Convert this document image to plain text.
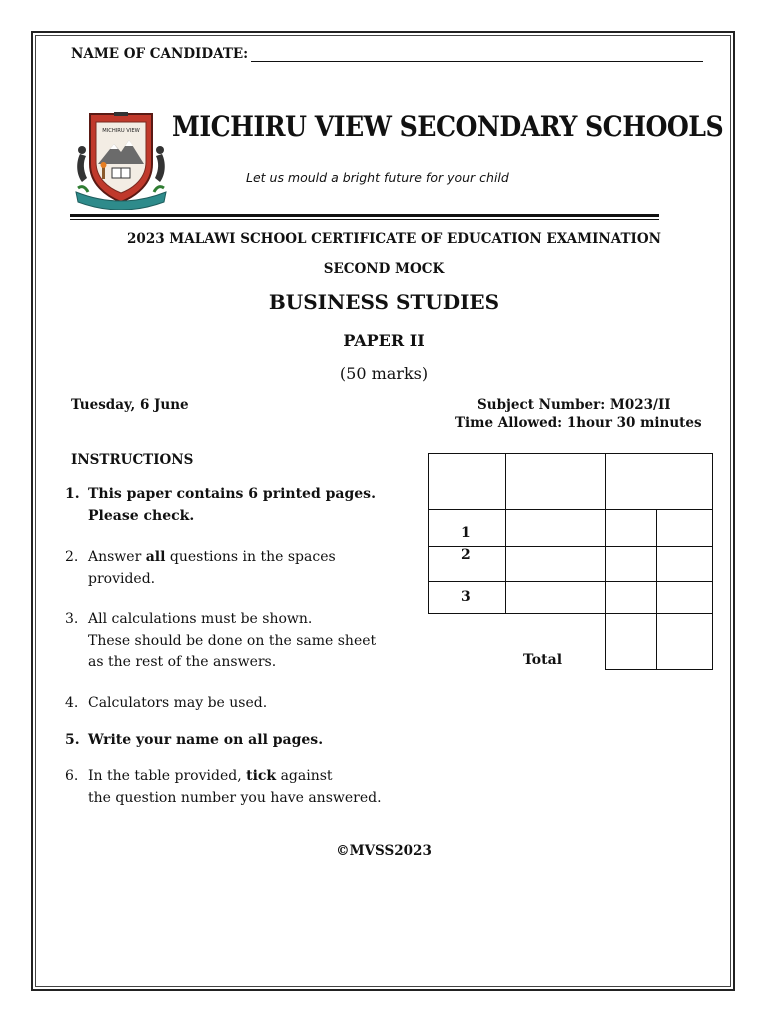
NAME OF CANDIDATE:
MICHIRU VIEW MICHIRU VIEW SECONDARY SCHOOLS
Let us mould a bright future for your child
2023 MALAWI SCHOOL CERTIFICATE OF EDUCATION EXAMINATION
SECOND MOCK
BUSINESS STUDIES
PAPER II
(50 marks)
Tuesday, 6 June	Subject Number: M023/II
Time Allowed: 1hour 30 minutes
INSTRUCTIONS
1. This paper contains 6 printed pages.
Please check.
2. Answer all questions in the spaces
provided.
3. All calculations must be shown.
These should be done on the same sheet
as the rest of the answers.
4. Calculators may be used.
5. Write your name on all pages.
6. In the table provided, tick against
the question number you have answered.
1
2
3
Total
©MVSS2023
